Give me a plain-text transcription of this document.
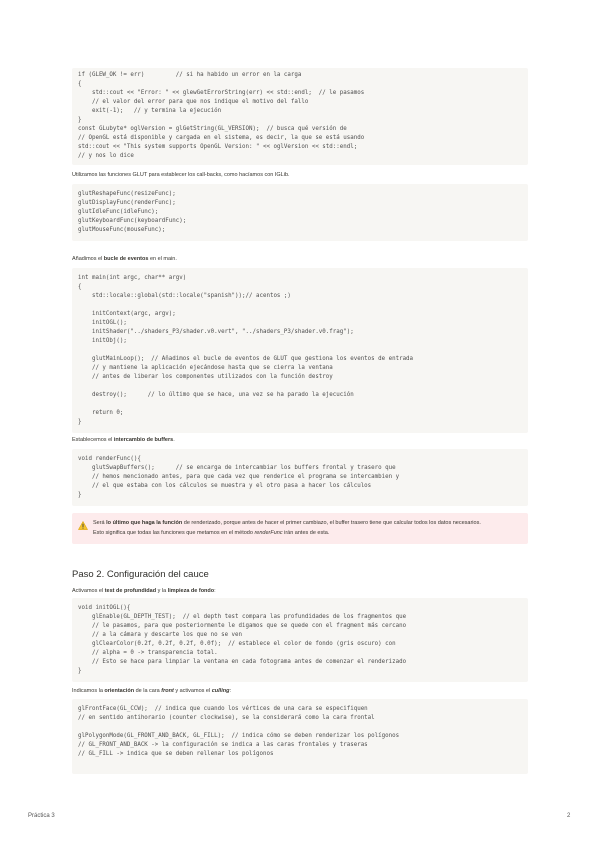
if (GLEW_OK != err)         // si ha habido un error en la carga
{
std::cout << "Error: " << glewGetErrorString(err) << std::endl;  // le pasamos
// el valor del error para que nos indique el motivo del fallo
exit(-1);   // y termina la ejecución
}
const GLubyte* oglVersion = glGetString(GL_VERSION);  // busca qué versión de
// OpenGL está disponible y cargada en el sistema, es decir, la que se está usando
std::cout << "This system supports OpenGL Version: " << oglVersion << std::endl;
// y nos lo dice

Utilizamos las funciones GLUT para establecer los call-backs, como hacíamos con IGLib.

glutReshapeFunc(resizeFunc);
glutDisplayFunc(renderFunc);
glutIdleFunc(idleFunc);
glutKeyboardFunc(keyboardFunc);
glutMouseFunc(mouseFunc);

Añadimos el bucle de eventos en el main.

int main(int argc, char** argv)
{
std::locale::global(std::locale("spanish"));// acentos ;)

initContext(argc, argv);
initOGL();
initShader("../shaders_P3/shader.v0.vert", "../shaders_P3/shader.v0.frag");
initObj();

glutMainLoop();  // Añadimos el bucle de eventos de GLUT que gestiona los eventos de entrada
// y mantiene la aplicación ejecándose hasta que se cierra la ventana
// antes de liberar los componentes utilizados con la función destroy

destroy();      // lo último que se hace, una vez se ha parado la ejecución

return 0;
}

Establecemos el intercambio de buffers.

void renderFunc(){
glutSwapBuffers();      // se encarga de intercambiar los buffers frontal y trasero que
// hemos mencionado antes, para que cada vez que renderice el programa se intercambien y
// el que estaba con los cálculos se muestra y el otro pasa a hacer los cálculos
}
Será lo último que haga la función de renderizado, porque antes de hacer el primer cambiazo, el buffer trasero tiene que calcular todos los datos necesarios.
Esto significa que todas las funciones que metamos en el método renderFunc irán antes de esta.
Paso 2. Configuración del cauce

Activamos el test de profundidad y la limpieza de fondo:

void initOGL(){
glEnable(GL_DEPTH_TEST);  // el depth test compara las profundidades de los fragmentos que
// le pasamos, para que posteriormente le digamos que se quede con el fragment más cercano
// a la cámara y descarte los que no se ven
glClearColor(0.2f, 0.2f, 0.2f, 0.0f);  // establece el color de fondo (gris oscuro) con
// alpha = 0 -> transparencia total.
// Esto se hace para limpiar la ventana en cada fotograma antes de comenzar el renderizado
}

Indicamos la orientación de la cara front y activamos el culling:

glFrontFace(GL_CCW);  // indica que cuando los vértices de una cara se especifiquen
// en sentido antihorario (counter clockwise), se la considerará como la cara frontal

glPolygonMode(GL_FRONT_AND_BACK, GL_FILL);  // indica cómo se deben renderizar los polígonos
// GL_FRONT_AND_BACK -> la configuración se indica a las caras frontales y traseras
// GL_FILL -> indica que se deben rellenar los polígonos
Práctica 3	2
